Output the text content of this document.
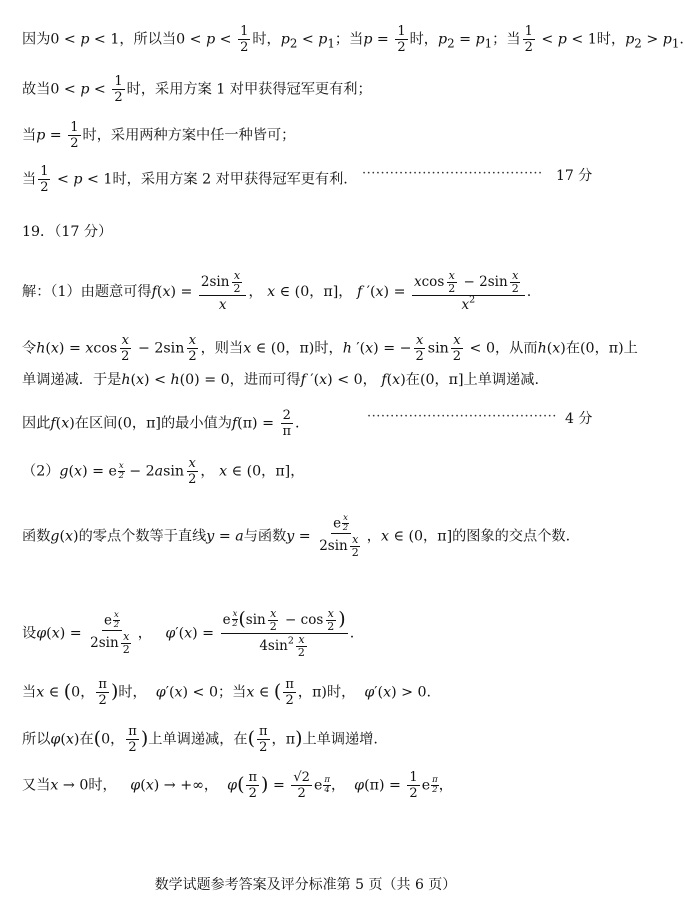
因为0 < p < 1，所以当$0 < p < \frac{1}{2}$ 时，$p_2 < p_1$；当$p = \frac{1}{2}$ 时，$p_2 = p_1$；当 $\frac{1}{2} < p < 1$时，$p_2 > p_1$.
故当$0 < p < \frac{1}{2}$ 时，采用方案 1 对甲获得冠军更有利；
当$p = \frac{1}{2}$ 时，采用两种方案中任一种皆可；
当 $\frac{1}{2} < p < 1$时，采用方案 2 对甲获得冠军更有利. ······································· 17 分
19．（17 分）
解：（1）由题意可得$f(x) = \frac{2\sin \frac{x}{2}}{x}$ ， x ∈ (0，π]， f $'(x) = \frac{xcos \frac{x}{2} - 2\sin \frac{x}{2}}{x^2}$ .
令h(x) = xcos $\frac{x}{2} - 2\sin \frac{x}{2}$ ，则当x ∈ (0，π)时，h ′(x) = − $\frac{x}{2}$ $\sin \frac{x}{2} < 0$，从而h(x)在(0，π)上
单调递减．于是h(x) < h(0) = 0，进而可得f ′(x) < 0， f(x)在(0，π]上单调递减.
因此f(x)在区间(0，π]的最小值为$f(\pi) = \frac{2}{\pi}$ .	········································· 4 分
（2）g(x) = e $\frac{x}{2} - 2asin \frac{x}{2}$ ， x ∈ (0，π]，
函数g(x)的零点个数等于直线y = a与函数$y = \frac{e \frac{x}{2}}{2\sin \frac{x}{2}}$ ，x ∈ (0，π]的图象的交点个数.
设$\varphi(x) = \frac{e \frac{x}{2}}{2\sin \frac{x}{2}}$ ，   $\varphi'(x) = \frac{e \frac{x}{2} (\sin \frac{x}{2} - \cos \frac{x}{2} )}{4\sin^2 \frac{x}{2}}$ .
当x ∈ (0， $\frac{\pi}{2}$ )时， φ′(x) < 0；当x ∈ ( $\frac{\pi}{2}$ ，π)时， φ′(x) > 0.
所以φ(x)在(0， $\frac{\pi}{2}$ )上单调递减，在( $\frac{\pi}{2}$ ，π)上单调递增.
又当x → 0时， φ(x) → +∞，  $\varphi( \frac{\pi}{2}$ ) = $\frac{√2}{2}$ e $\frac{\pi}{4}$ ，  $\varphi(\pi) = \frac{1}{2}$ e $\frac{\pi}{2}$ ，
数学试题参考答案及评分标准第 5 页（共 6 页）
